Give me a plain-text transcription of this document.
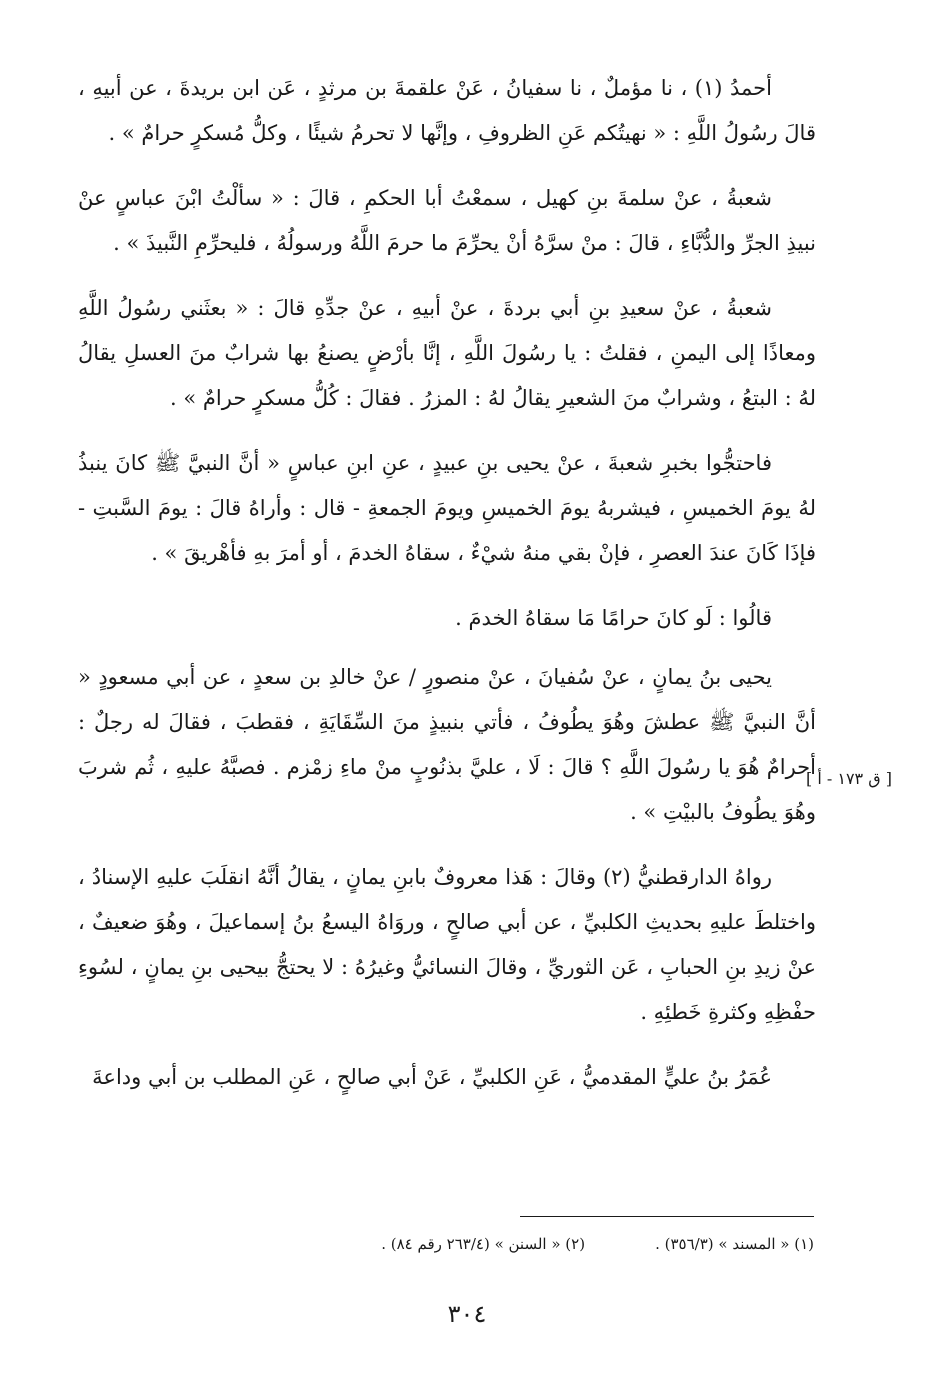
أحمدُ (١) ، نا مؤملٌ ، نا سفيانُ ، عَنْ علقمةَ بن مرثدٍ ، عَن ابن بريدةَ ، عن أبيهِ ، قالَ رسُولُ اللَّهِ : « نهيتُكم عَنِ الظروفِ ، وإنَّها لا تحرمُ شيئًا ، وكلُّ مُسكرٍ حرامٌ » .

شعبةُ ، عنْ سلمةَ بنِ كهيل ، سمعْتُ أبا الحكمِ ، قالَ : « سألْتُ ابْنَ عباسٍ عنْ نبيذِ الجرِّ والدُّبَّاءِ ، قالَ : منْ سرَّهُ أنْ يحرِّمَ ما حرمَ اللَّهُ ورسولُهُ ، فليحرِّمِ النَّبيذَ » .

شعبةُ ، عنْ سعيدِ بنِ أبي بردةَ ، عنْ أبيهِ ، عنْ جدِّهِ قالَ : « بعثَني رسُولُ اللَّهِ ومعاذًا إلى اليمنِ ، فقلتُ : يا رسُولَ اللَّهِ ، إنَّا بأرْضٍ يصنعُ بها شرابٌ منَ العسلِ يقالُ لهُ : البتعُ ، وشرابٌ منَ الشعيرِ يقالُ لهُ : المزرُ . فقالَ : كُلُّ مسكرٍ حرامٌ » .

فاحتجُّوا بخبرِ شعبةَ ، عنْ يحيى بنِ عبيدٍ ، عنِ ابنِ عباسٍ « أنَّ النبيَّ ﷺ كانَ ينبذُ لهُ يومَ الخميسِ ، فيشربهُ يومَ الخميسِ ويومَ الجمعةِ - قال : وأراهُ قالَ : يومَ السَّبتِ - فإذَا كَانَ عندَ العصرِ ، فإنْ بقي منهُ شيْءٌ ، سقاهُ الخدمَ ، أو أمرَ بهِ فأهْريقَ » .

قالُوا : لَو كانَ حرامًا مَا سقاهُ الخدمَ .

يحيى بنُ يمانٍ ، عنْ سُفيانَ ، عنْ منصورٍ / عنْ خالدِ بن سعدٍ ، عن أبي مسعودٍ « أنَّ النبيَّ ﷺ عطشَ وهُوَ يطُوفُ ، فأتي بنبيذٍ منَ السِّقَايَةِ ، فقطبَ ، فقالَ له رجلٌ : أحرامٌ هُوَ يا رسُولَ اللَّهِ ؟ قالَ : لَا ، عليَّ بذنُوبٍ منْ ماءِ زمْزم . فصبَّهُ عليهِ ، ثُم شربَ وهُوَ يطُوفُ بالبيْتِ » .

رواهُ الدارقطنيُّ (٢) وقالَ : هَذا معروفٌ بابنِ يمانٍ ، يقالُ أنَّهُ انقلَبَ عليهِ الإسنادُ ، واختلطَ عليهِ بحديثِ الكلبيِّ ، عن أبي صالحٍ ، وروَاهُ اليسعُ بنُ إسماعيلَ ، وهُوَ ضعيفٌ ، عنْ زيدِ بنِ الحبابِ ، عَن الثوريِّ ، وقالَ النسائيُّ وغيرُهُ : لا يحتجُّ بيحيى بنِ يمانٍ ، لسُوءِ حفْظِهِ وكثرةِ خَطئِهِ .

عُمَرُ بنُ عليٍّ المقدميُّ ، عَنِ الكلبيِّ ، عَنْ أبي صالحٍ ، عَنِ المطلب بن أبي وداعةَ

[ ق ١٧٣ - أ ]
(١) « المسند » (٣٥٦/٣) .
(٢) « السنن » (٢٦٣/٤ رقم ٨٤) .
٣٠٤
